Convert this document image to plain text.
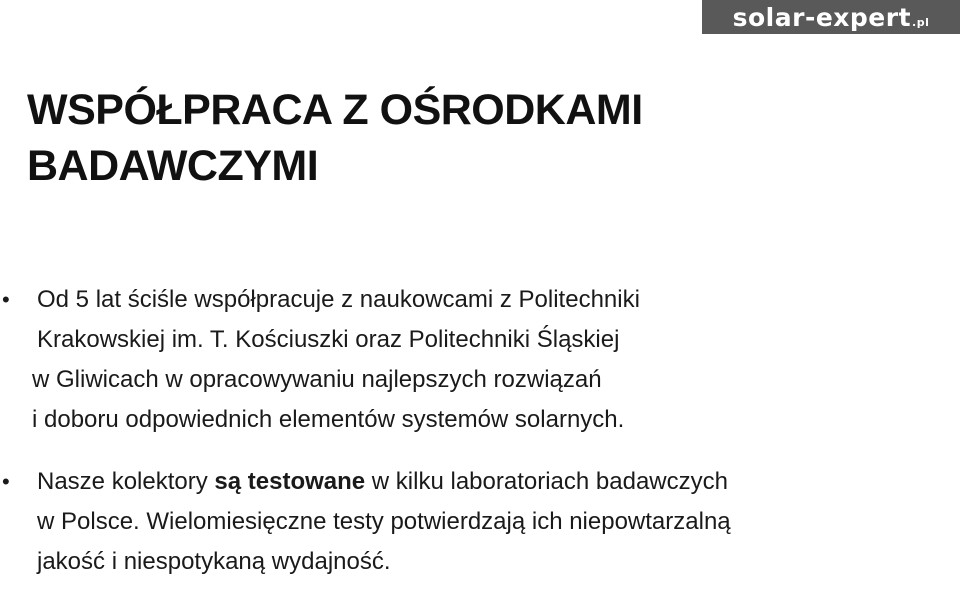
solar-expert.pl
WSPÓŁPRACA Z OŚRODKAMI
BADAWCZYMI
• Od 5 lat ściśle współpracuje z naukowcami z Politechniki
Krakowskiej im. T. Kościuszki oraz Politechniki Śląskiej
w Gliwicach w opracowywaniu najlepszych rozwiązań
i doboru odpowiednich elementów systemów solarnych.
• Nasze kolektory są testowane w kilku laboratoriach badawczych
w Polsce. Wielomiesięczne testy potwierdzają ich niepowtarzalną
jakość i niespotykaną wydajność.
